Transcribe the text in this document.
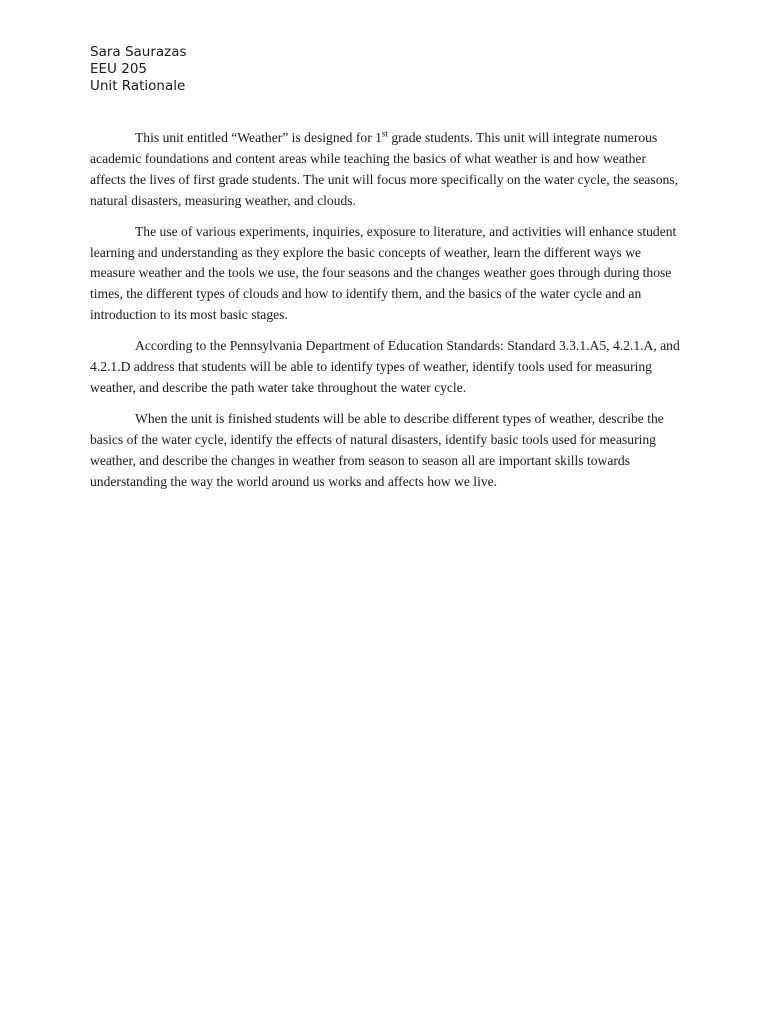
Sara Saurazas
EEU 205
Unit Rationale

This unit entitled “Weather” is designed for 1st grade students. This unit will integrate numerous academic foundations and content areas while teaching the basics of what weather is and how weather affects the lives of first grade students. The unit will focus more specifically on the water cycle, the seasons, natural disasters, measuring weather, and clouds.

The use of various experiments, inquiries, exposure to literature, and activities will enhance student learning and understanding as they explore the basic concepts of weather, learn the different ways we measure weather and the tools we use, the four seasons and the changes weather goes through during those times, the different types of clouds and how to identify them, and the basics of the water cycle and an introduction to its most basic stages.

According to the Pennsylvania Department of Education Standards: Standard 3.3.1.A5, 4.2.1.A, and 4.2.1.D address that students will be able to identify types of weather, identify tools used for measuring weather, and describe the path water take throughout the water cycle.

When the unit is finished students will be able to describe different types of weather, describe the basics of the water cycle, identify the effects of natural disasters, identify basic tools used for measuring weather, and describe the changes in weather from season to season all are important skills towards understanding the way the world around us works and affects how we live.
